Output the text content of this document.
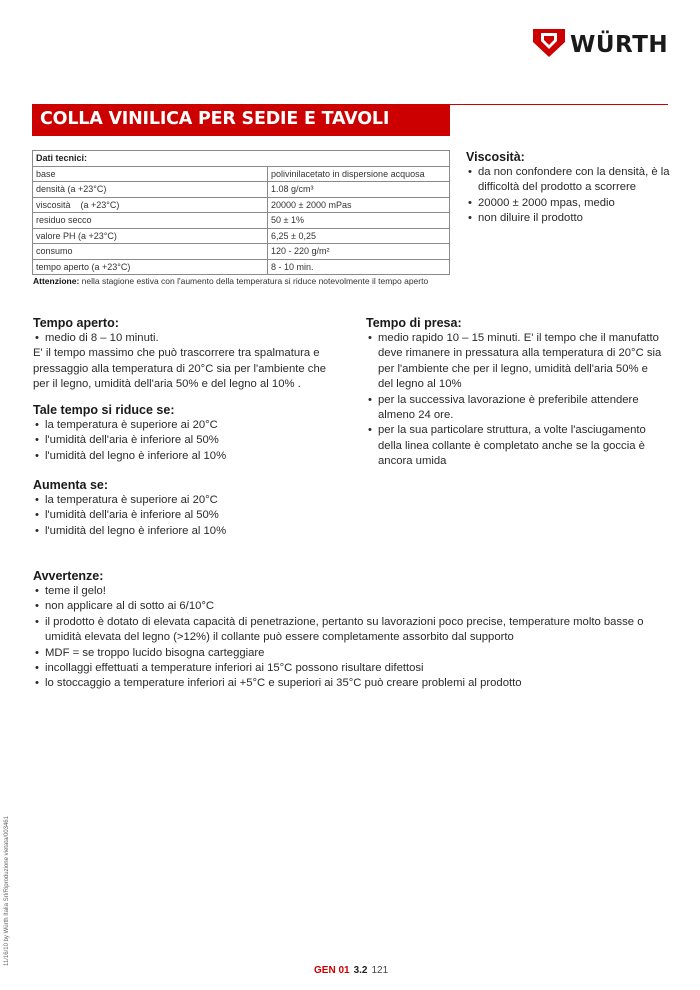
WÜRTH
COLLA VINILICA PER SEDIE E TAVOLI
Dati tecnici:	
base	polivinilacetato in dispersione acquosa
densità (a +23°C)	1.08 g/cm³
viscosità    (a +23°C)	20000 ± 2000 mPas
residuo secco	50 ± 1%
valore PH (a +23°C)	6,25 ± 0,25
consumo	120 - 220 g/m²
tempo aperto (a +23°C)	8 - 10 min.
Attenzione: nella stagione estiva con l'aumento della temperatura si riduce notevolmente il tempo aperto
Viscosità:
• da non confondere con la densità, è la difficoltà del prodotto a scorrere
• 20000 ± 2000 mpas, medio
• non diluire il prodotto
Tempo aperto:
• medio di 8 – 10 minuti.

E' il tempo massimo che può trascorrere tra spalmatura e pressaggio alla temperatura di 20°C sia per l'ambiente che per il legno, umidità dell'aria 50% e del legno al 10% .

Tale tempo si riduce se:
• la temperatura è superiore ai 20°C
• l'umidità dell'aria è inferiore al 50%
• l'umidità del legno è inferiore al 10%
Aumenta se:
• la temperatura è superiore ai 20°C
• l'umidità dell'aria è inferiore al 50%
• l'umidità del legno è inferiore al 10%
Tempo di presa:
• medio rapido 10 – 15 minuti. E' il tempo che il manufatto deve rimanere in pressatura alla temperatura di 20°C sia per l'ambiente che per il legno, umidità dell'aria 50% e del legno al 10%
• per la successiva lavorazione è preferibile attendere almeno 24 ore.
• per la sua particolare struttura, a volte l'asciugamento della linea collante è completato anche se la goccia è ancora umida
Avvertenze:
• teme il gelo!
• non applicare al di sotto ai 6/10°C
• il prodotto è dotato di elevata capacità di penetrazione, pertanto su lavorazioni poco precise, temperature molto basse o umidità elevata del legno (>12%) il collante può essere completamente assorbito dal supporto
• MDF = se troppo lucido bisogna carteggiare
• incollaggi effettuati a temperature inferiori ai 15°C possono risultare difettosi
• lo stoccaggio a temperature inferiori ai +5°C e superiori ai 35°C può creare problemi al prodotto
11/16/10 by Würth Italia Srl/Riproduzione vietata/003461
GEN 01 3.2 121
